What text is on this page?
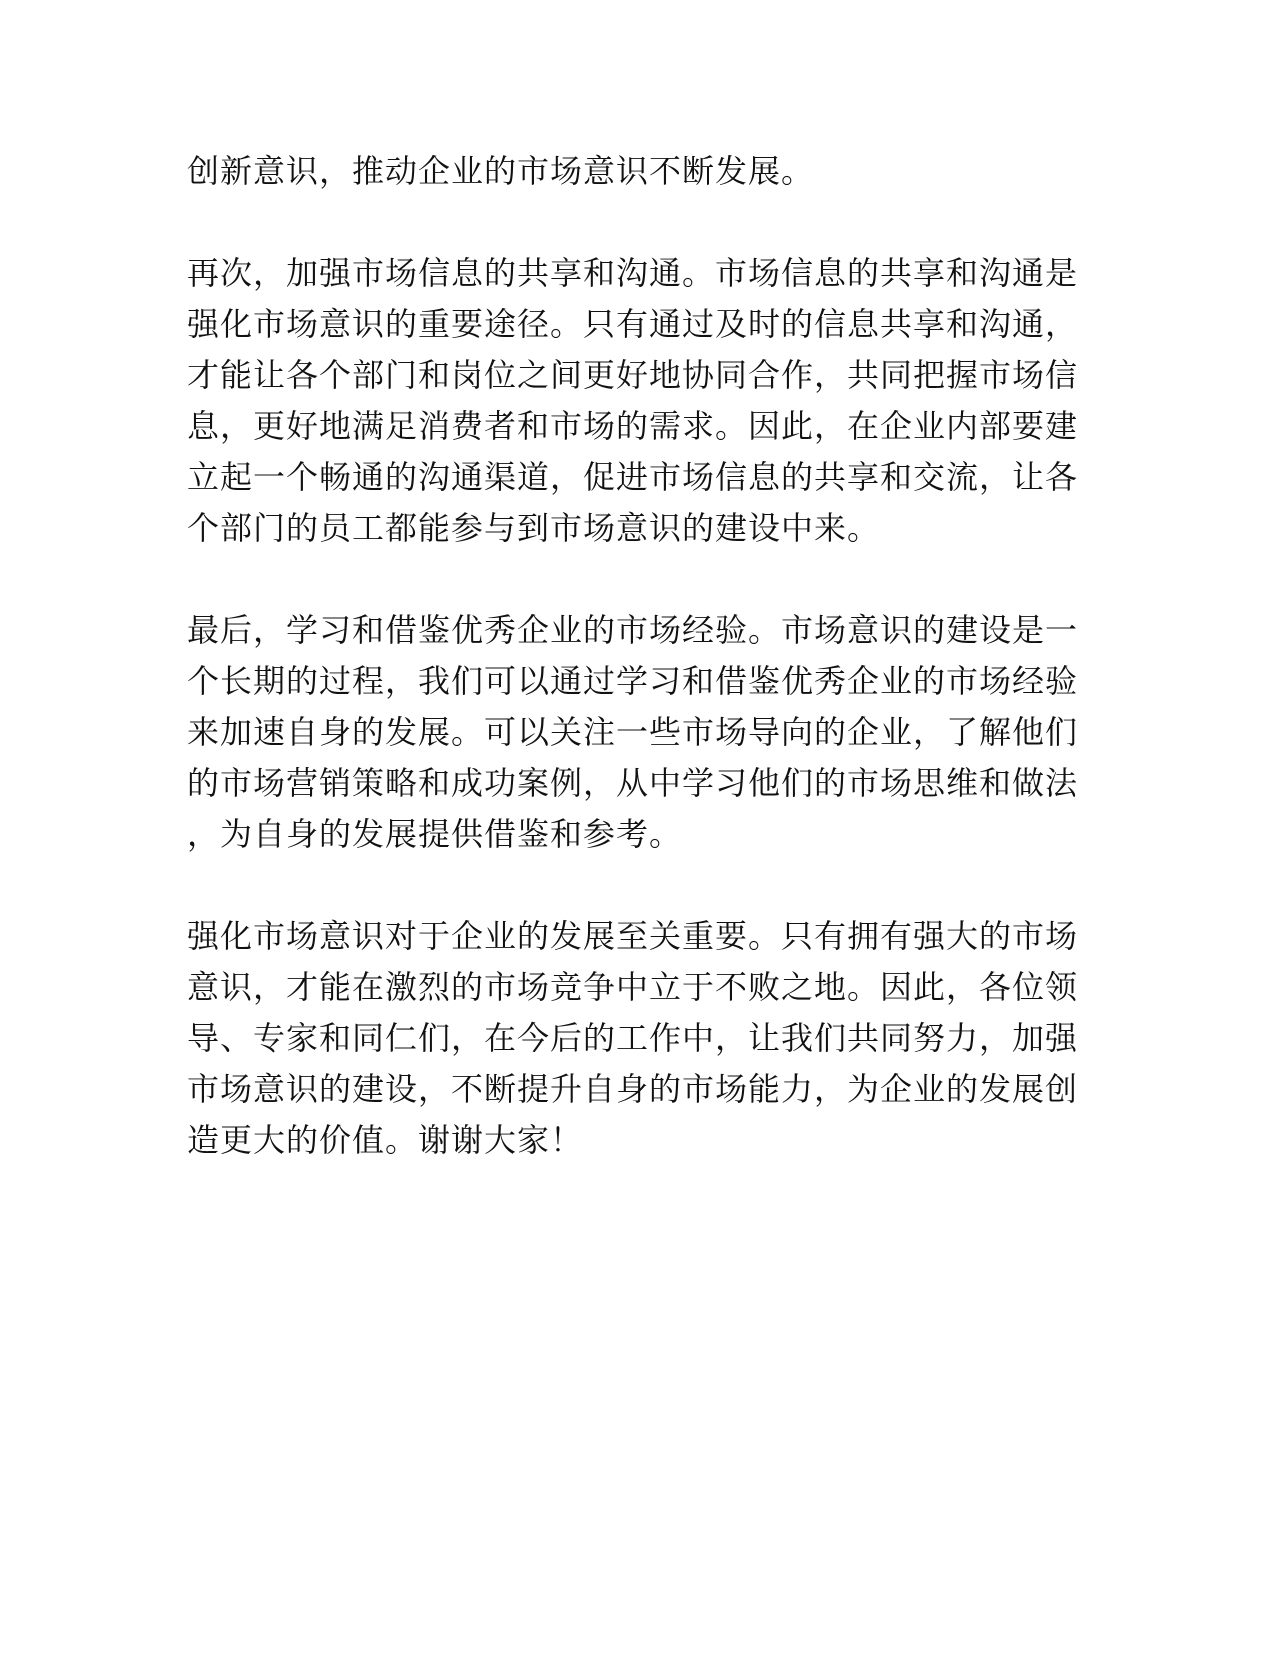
创新意识，推动企业的市场意识不断发展。

再次，加强市场信息的共享和沟通。市场信息的共享和沟通是强化市场意识的重要途径。只有通过及时的信息共享和沟通，才能让各个部门和岗位之间更好地协同合作，共同把握市场信息，更好地满足消费者和市场的需求。因此，在企业内部要建立起一个畅通的沟通渠道，促进市场信息的共享和交流，让各个部门的员工都能参与到市场意识的建设中来。

最后，学习和借鉴优秀企业的市场经验。市场意识的建设是一个长期的过程，我们可以通过学习和借鉴优秀企业的市场经验来加速自身的发展。可以关注一些市场导向的企业，了解他们的市场营销策略和成功案例，从中学习他们的市场思维和做法，为自身的发展提供借鉴和参考。

强化市场意识对于企业的发展至关重要。只有拥有强大的市场意识，才能在激烈的市场竞争中立于不败之地。因此，各位领导、专家和同仁们，在今后的工作中，让我们共同努力，加强市场意识的建设，不断提升自身的市场能力，为企业的发展创造更大的价值。谢谢大家！
